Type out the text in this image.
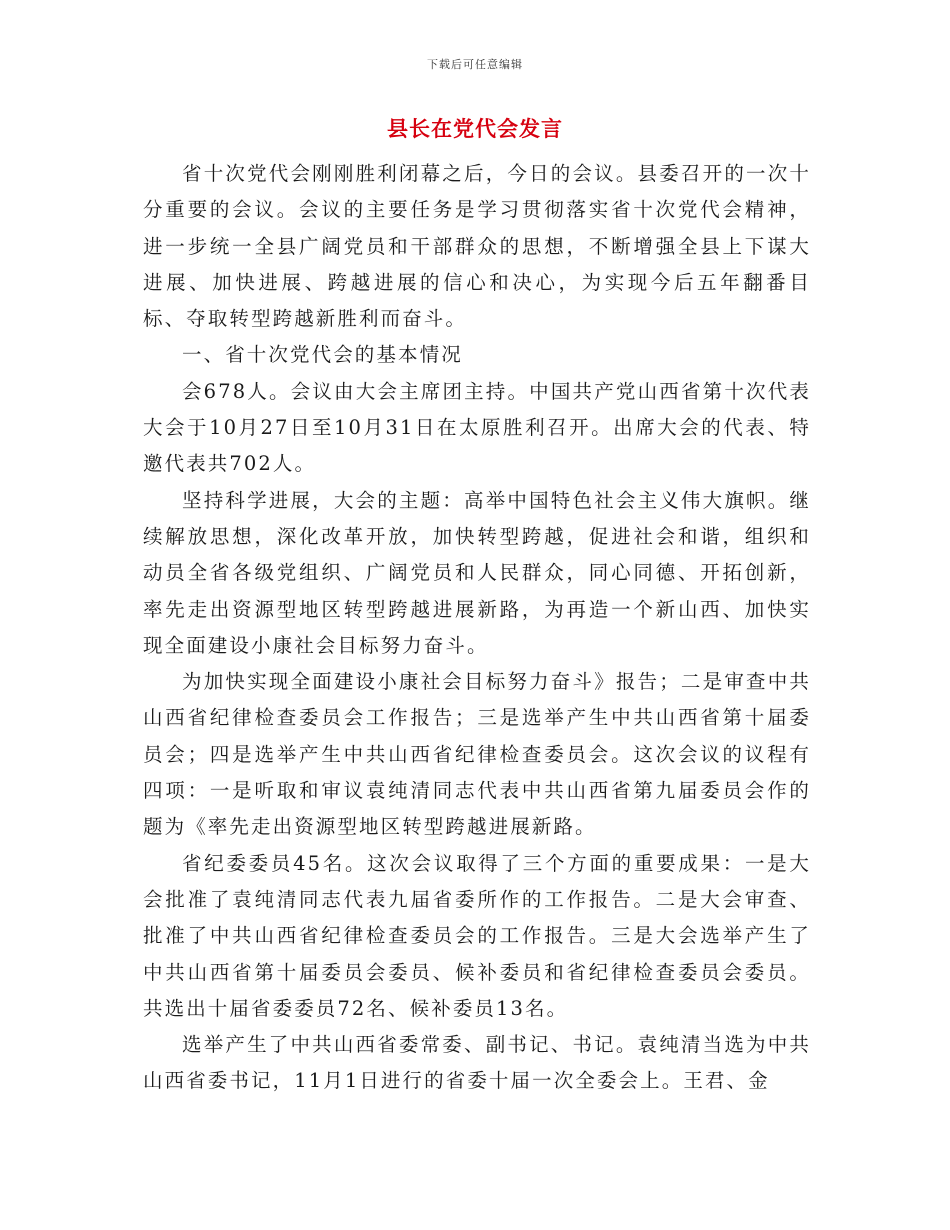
下载后可任意编辑
县长在党代会发言

省十次党代会刚刚胜利闭幕之后，今日的会议。县委召开的一次十分重要的会议。会议的主要任务是学习贯彻落实省十次党代会精神，进一步统一全县广阔党员和干部群众的思想，不断增强全县上下谋大进展、加快进展、跨越进展的信心和决心，为实现今后五年翻番目标、夺取转型跨越新胜利而奋斗。

一、省十次党代会的基本情况

会678人。会议由大会主席团主持。中国共产党山西省第十次代表大会于10月27日至10月31日在太原胜利召开。出席大会的代表、特邀代表共702人。

坚持科学进展，大会的主题：高举中国特色社会主义伟大旗帜。继续解放思想，深化改革开放，加快转型跨越，促进社会和谐，组织和动员全省各级党组织、广阔党员和人民群众，同心同德、开拓创新，率先走出资源型地区转型跨越进展新路，为再造一个新山西、加快实现全面建设小康社会目标努力奋斗。

为加快实现全面建设小康社会目标努力奋斗》报告；二是审查中共山西省纪律检查委员会工作报告；三是选举产生中共山西省第十届委员会；四是选举产生中共山西省纪律检查委员会。这次会议的议程有四项：一是听取和审议袁纯清同志代表中共山西省第九届委员会作的题为《率先走出资源型地区转型跨越进展新路。

省纪委委员45名。这次会议取得了三个方面的重要成果：一是大会批准了袁纯清同志代表九届省委所作的工作报告。二是大会审查、批准了中共山西省纪律检查委员会的工作报告。三是大会选举产生了中共山西省第十届委员会委员、候补委员和省纪律检查委员会委员。共选出十届省委委员72名、候补委员13名。

选举产生了中共山西省委常委、副书记、书记。袁纯清当选为中共山西省委书记，11月1日进行的省委十届一次全委会上。王君、金
